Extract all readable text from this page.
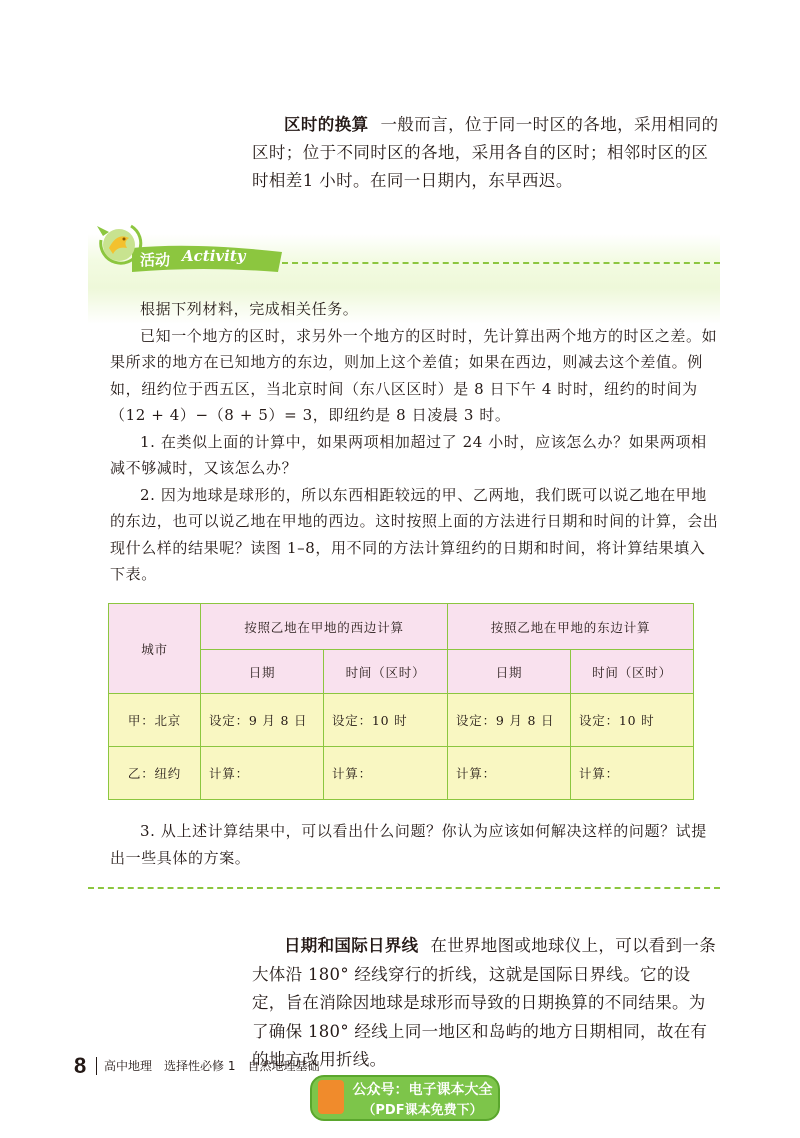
区时的换算 一般而言，位于同一时区的各地，采用相同的区时；位于不同时区的各地，采用各自的区时；相邻时区的区时相差1 小时。在同一日期内，东早西迟。

活动 Activity

根据下列材料，完成相关任务。

已知一个地方的区时，求另外一个地方的区时时，先计算出两个地方的时区之差。如果所求的地方在已知地方的东边，则加上这个差值；如果在西边，则减去这个差值。例如，纽约位于西五区，当北京时间（东八区区时）是 8 日下午 4 时时，纽约的时间为（12 + 4）−（8 + 5）= 3，即纽约是 8 日凌晨 3 时。

1. 在类似上面的计算中，如果两项相加超过了 24 小时，应该怎么办？如果两项相减不够减时，又该怎么办？

2. 因为地球是球形的，所以东西相距较远的甲、乙两地，我们既可以说乙地在甲地的东边，也可以说乙地在甲地的西边。这时按照上面的方法进行日期和时间的计算，会出现什么样的结果呢？读图 1–8，用不同的方法计算纽约的日期和时间，将计算结果填入下表。

城市	按照乙地在甲地的西边计算		按照乙地在甲地的东边计算	
	日期	时间（区时）	日期	时间（区时）
甲：北京	设定：9 月 8 日	设定：10 时	设定：9 月 8 日	设定：10 时
乙：纽约	计算：	计算：	计算：	计算：

3. 从上述计算结果中，可以看出什么问题？你认为应该如何解决这样的问题？试提出一些具体的方案。

日期和国际日界线 在世界地图或地球仪上，可以看到一条大体沿 180° 经线穿行的折线，这就是国际日界线。它的设定，旨在消除因地球是球形而导致的日期换算的不同结果。为了确保 180° 经线上同一地区和岛屿的地方日期相同，故在有的地方改用折线。

8 高中地理　选择性必修 1　自然地理基础
公众号：电子课本大全
（PDF课本免费下）
